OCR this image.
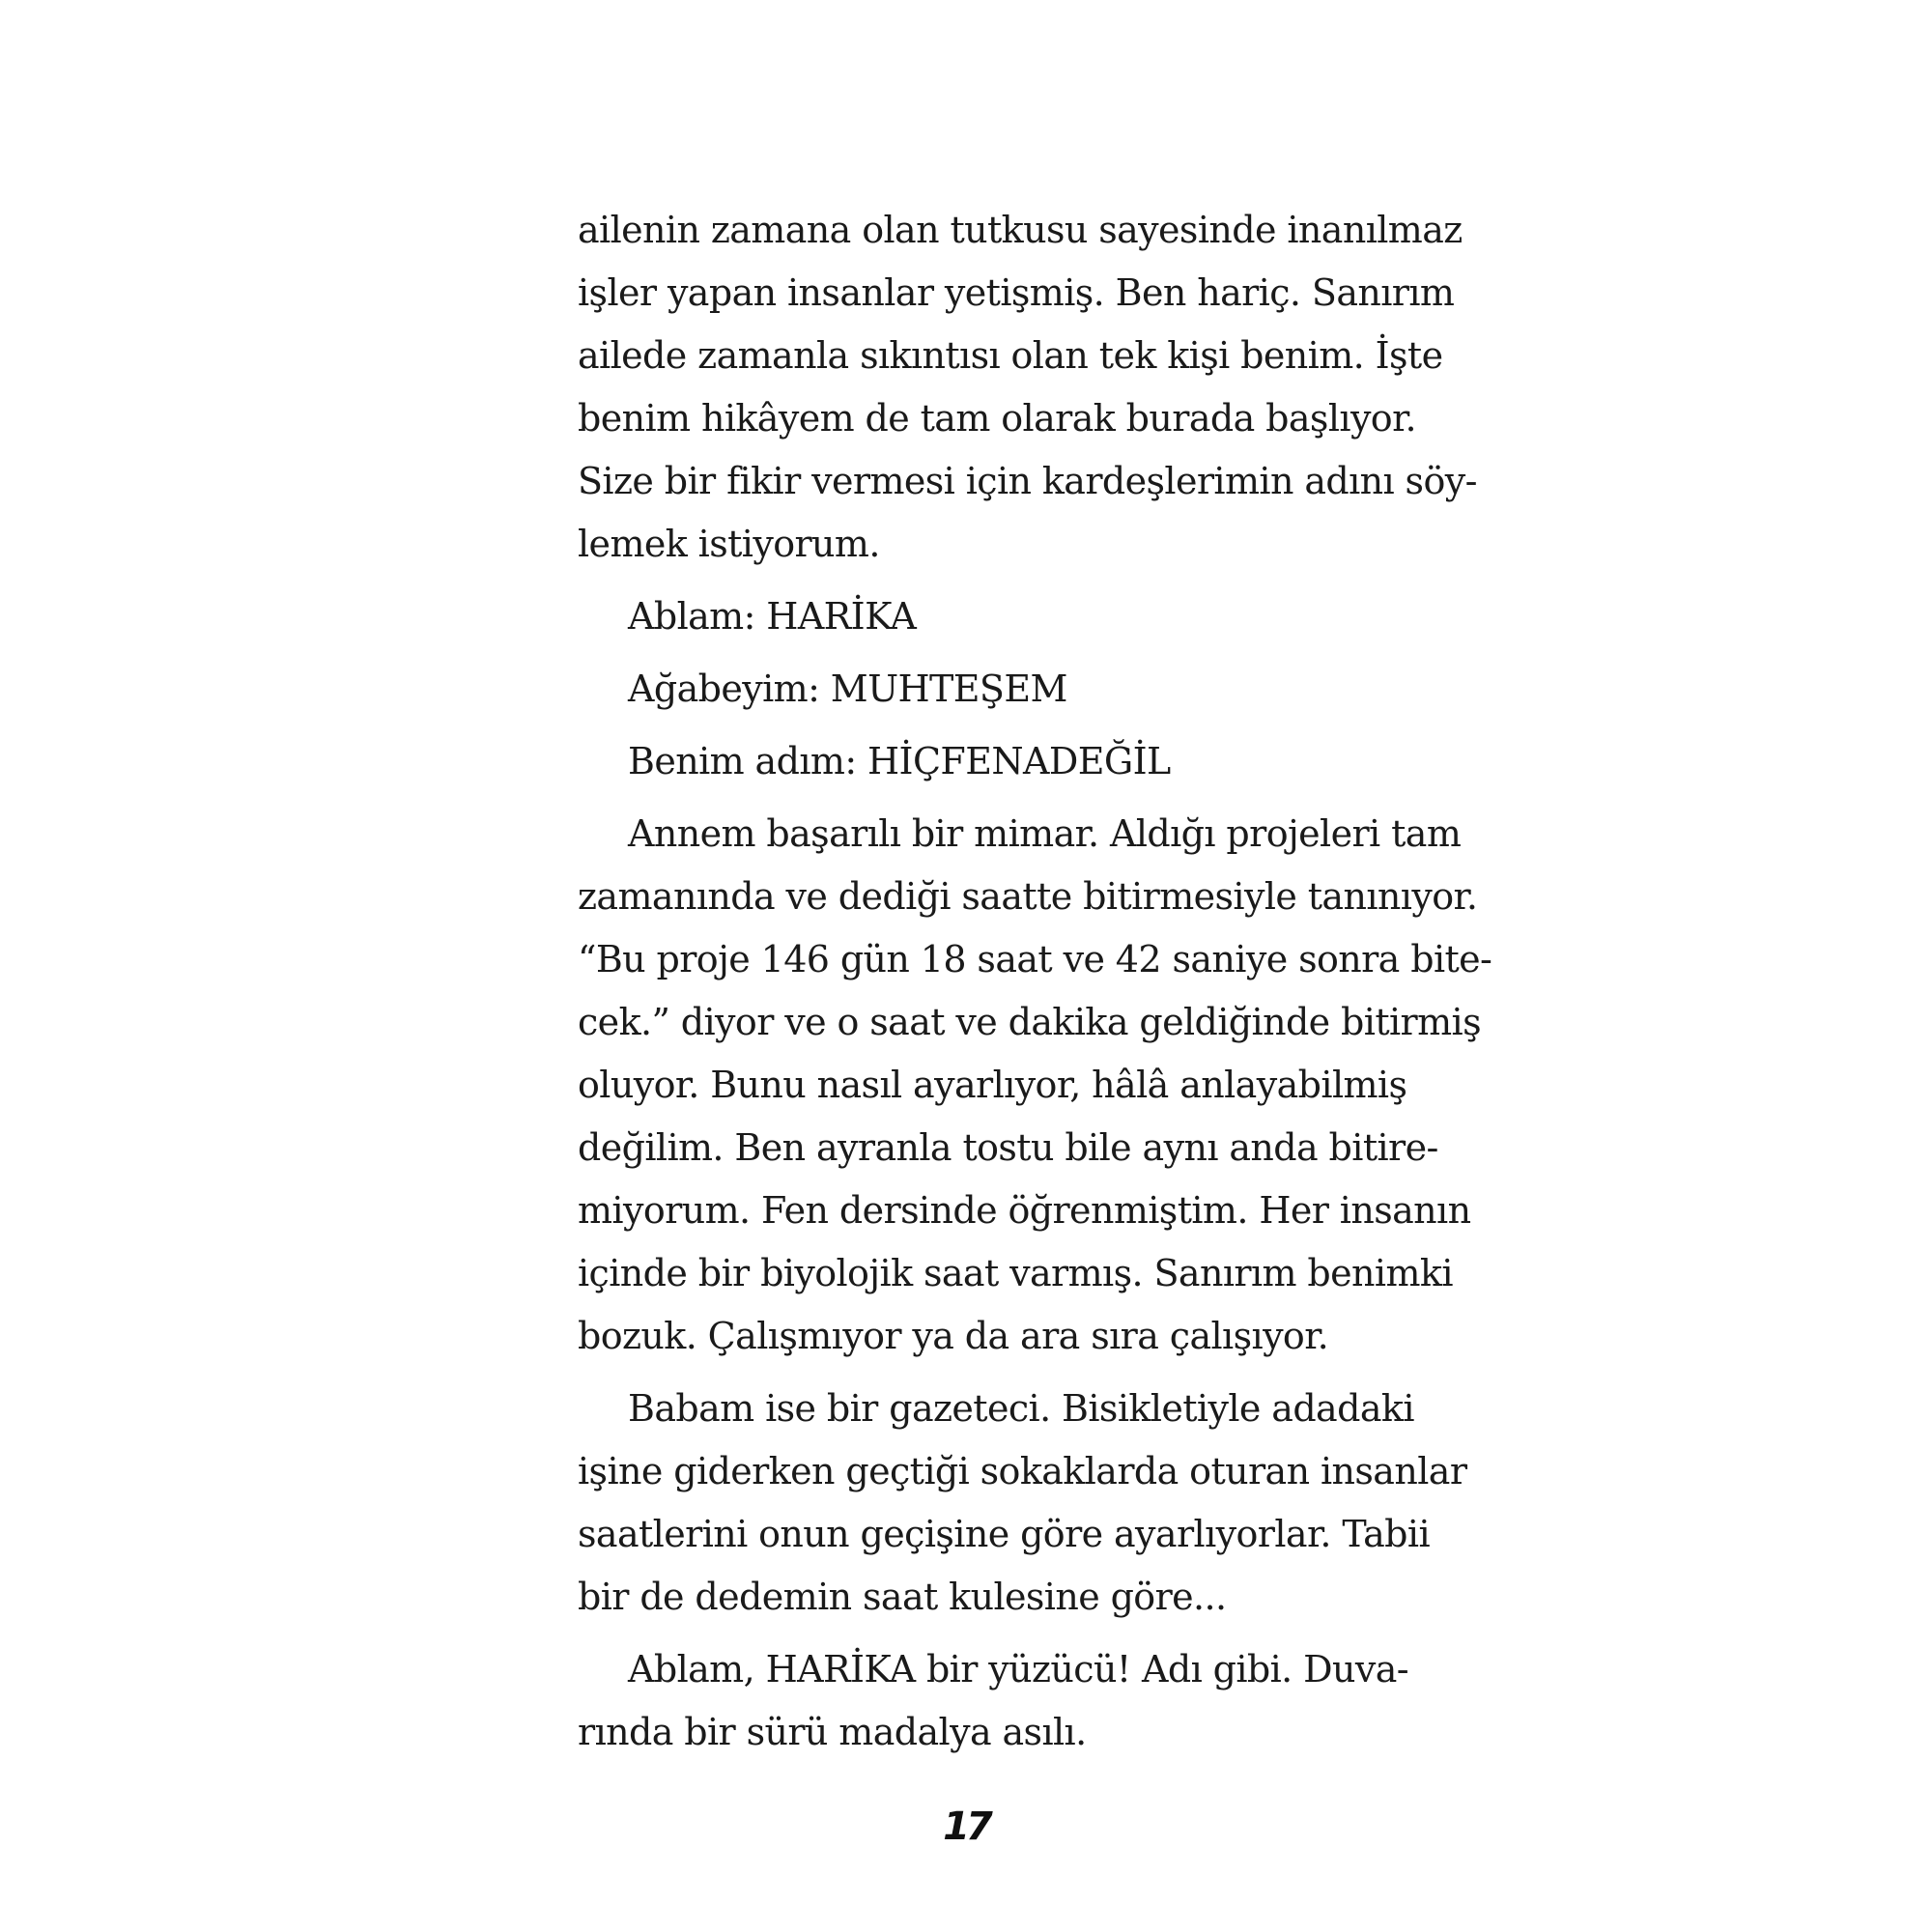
ailenin zamana olan tutkusu sayesinde inanılmaz
işler yapan insanlar yetişmiş. Ben hariç. Sanırım
ailede zamanla sıkıntısı olan tek kişi benim. İşte
benim hikâyem de tam olarak burada başlıyor.
Size bir fikir vermesi için kardeşlerimin adını söy-
lemek istiyorum.
Ablam: HARİKA
Ağabeyim: MUHTEŞEM
Benim adım: HİÇFENADEĞİL
Annem başarılı bir mimar. Aldığı projeleri tam
zamanında ve dediği saatte bitirmesiyle tanınıyor.
“Bu proje 146 gün 18 saat ve 42 saniye sonra bite-
cek.” diyor ve o saat ve dakika geldiğinde bitirmiş
oluyor. Bunu nasıl ayarlıyor, hâlâ anlayabilmiş
değilim. Ben ayranla tostu bile aynı anda bitire-
miyorum. Fen dersinde öğrenmiştim. Her insanın
içinde bir biyolojik saat varmış. Sanırım benimki
bozuk. Çalışmıyor ya da ara sıra çalışıyor.
Babam ise bir gazeteci. Bisikletiyle adadaki
işine giderken geçtiği sokaklarda oturan insanlar
saatlerini onun geçişine göre ayarlıyorlar. Tabii
bir de dedemin saat kulesine göre...
Ablam, HARİKA bir yüzücü! Adı gibi. Duva-
rında bir sürü madalya asılı.
17
